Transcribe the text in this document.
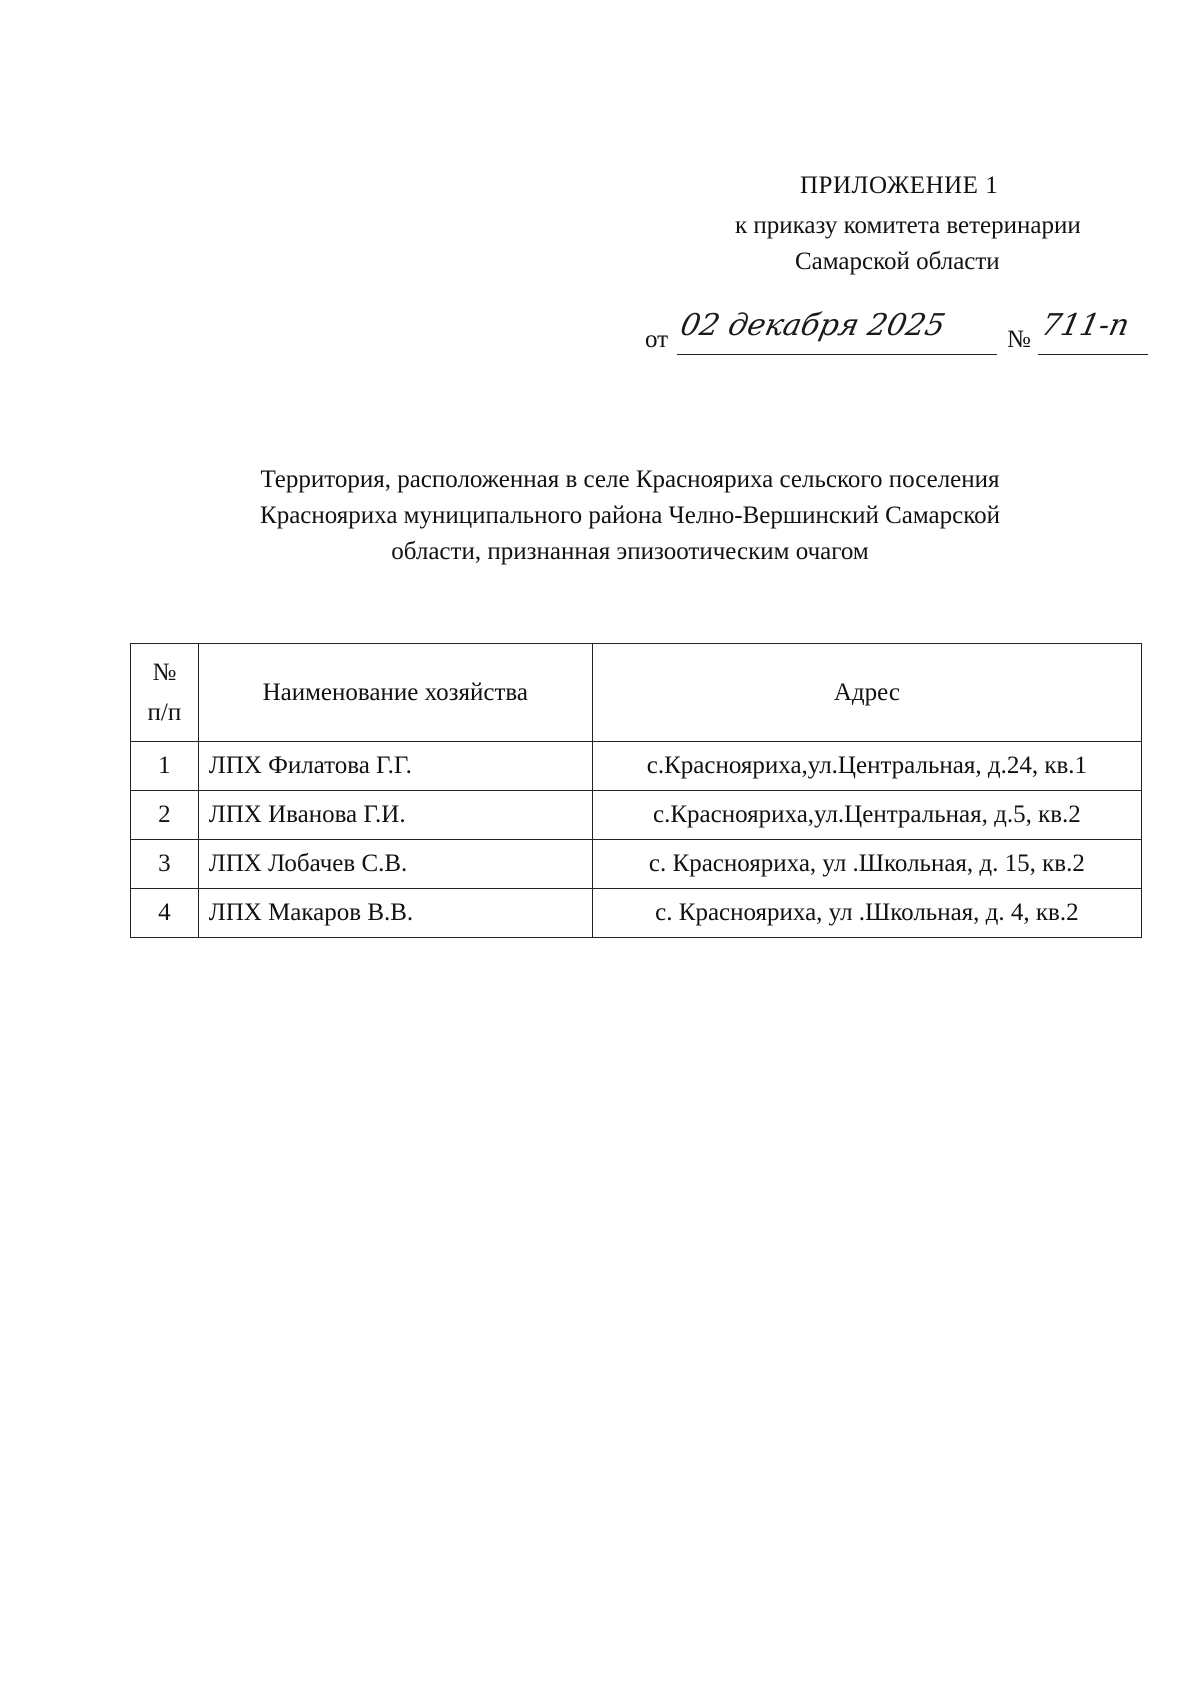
ПРИЛОЖЕНИЕ 1
к приказу комитета ветеринарии
Самарской области
от 02 декабря 2025 № 711-п
Территория, расположенная в селе Краснояриха сельского поселения
Краснояриха муниципального района Челно-Вершинский Самарской
области, признанная эпизоотическим очагом
№
п/п	Наименование хозяйства	Адрес
1	ЛПХ Филатова Г.Г.	с.Краснояриха,ул.Центральная, д.24, кв.1
2	ЛПХ Иванова Г.И.	с.Краснояриха,ул.Центральная, д.5, кв.2
3	ЛПХ Лобачев С.В.	с. Краснояриха, ул .Школьная, д. 15, кв.2
4	ЛПХ Макаров В.В.	с. Краснояриха, ул .Школьная, д. 4, кв.2
